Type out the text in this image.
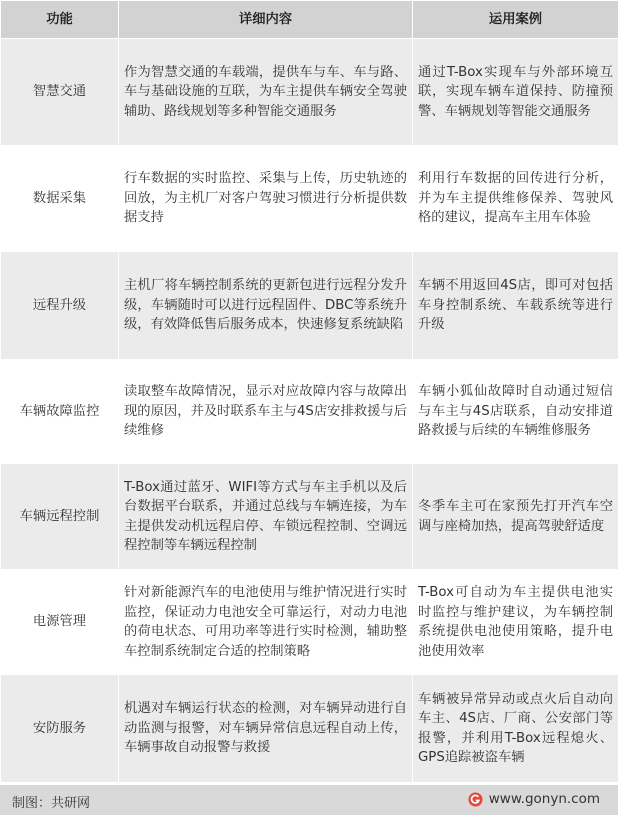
功能	详细内容	运用案例
智慧交通	作为智慧交通的车载端，提供车与车、车与路、车与基础设施的互联，为车主提供车辆安全驾驶辅助、路线规划等多种智能交通服务	通过T-Box实现车与外部环境互联，实现车辆车道保持、防撞预警、车辆规划等智能交通服务
数据采集	行车数据的实时监控、采集与上传，历史轨迹的回放，为主机厂对客户驾驶习惯进行分析提供数据支持	利用行车数据的回传进行分析，并为车主提供维修保养、驾驶风格的建议，提高车主用车体验
远程升级	主机厂将车辆控制系统的更新包进行远程分发升级，车辆随时可以进行远程固件、DBC等系统升级，有效降低售后服务成本，快速修复系统缺陷	车辆不用返回4S店，即可对包括车身控制系统、车载系统等进行升级
车辆故障监控	读取整车故障情况，显示对应故障内容与故障出现的原因，并及时联系车主与4S店安排救援与后续维修	车辆小狐仙故障时自动通过短信与车主与4S店联系，自动安排道路救援与后续的车辆维修服务
车辆远程控制	T-Box通过蓝牙、WIFI等方式与车主手机以及后台数据平台联系，并通过总线与车辆连接，为车主提供发动机远程启停、车锁远程控制、空调远程控制等车辆远程控制	冬季车主可在家预先打开汽车空调与座椅加热，提高驾驶舒适度
电源管理	针对新能源汽车的电池使用与维护情况进行实时监控，保证动力电池安全可靠运行，对动力电池的荷电状态、可用功率等进行实时检测，辅助整车控制系统制定合适的控制策略	T-Box可自动为车主提供电池实时监控与维护建议，为车辆控制系统提供电池使用策略，提升电池使用效率
安防服务	机遇对车辆运行状态的检测，对车辆异动进行自动监测与报警，对车辆异常信息远程自动上传，车辆事故自动报警与救援	车辆被异常异动或点火后自动向车主、4S店、厂商、公安部门等报警，并利用T-Box远程熄火、GPS追踪被盗车辆
制图：共研网	www.gonyn.com
